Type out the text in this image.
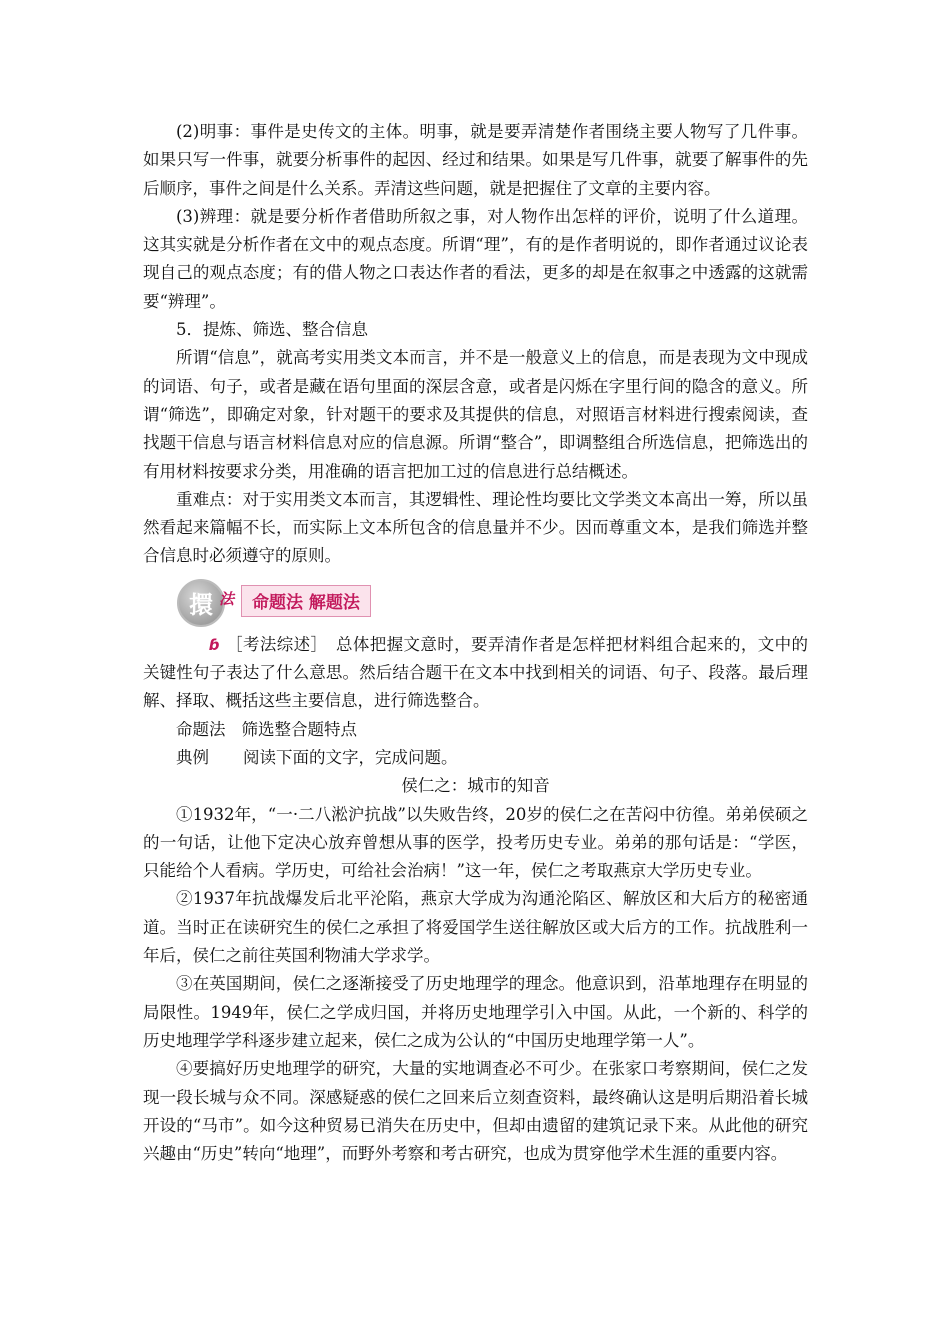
(2)明事：事件是史传文的主体。明事，就是要弄清楚作者围绕主要人物写了几件事。如果只写一件事，就要分析事件的起因、经过和结果。如果是写几件事，就要了解事件的先后顺序，事件之间是什么关系。弄清这些问题，就是把握住了文章的主要内容。

(3)辨理：就是要分析作者借助所叙之事，对人物作出怎样的评价，说明了什么道理。这其实就是分析作者在文中的观点态度。所谓“理”，有的是作者明说的，即作者通过议论表现自己的观点态度；有的借人物之口表达作者的看法，更多的却是在叙事之中透露的这就需要“辨理”。

5．提炼、筛选、整合信息

所谓“信息”，就高考实用类文本而言，并不是一般意义上的信息，而是表现为文中现成的词语、句子，或者是藏在语句里面的深层含意，或者是闪烁在字里行间的隐含的意义。所谓“筛选”，即确定对象，针对题干的要求及其提供的信息，对照语言材料进行搜索阅读，查找题干信息与语言材料信息对应的信息源。所谓“整合”，即调整组合所选信息，把筛选出的有用材料按要求分类，用准确的语言把加工过的信息进行总结概述。

重难点：对于实用类文本而言，其逻辑性、理论性均要比文学类文本高出一筹，所以虽然看起来篇幅不长，而实际上文本所包含的信息量并不少。因而尊重文本，是我们筛选并整合信息时必须遵守的原则。

擐 法 命题法 解题法

ɓ ［考法综述］　总体把握文意时，要弄清作者是怎样把材料组合起来的，文中的关键性句子表达了什么意思。然后结合题干在文本中找到相关的词语、句子、段落。最后理解、择取、概括这些主要信息，进行筛选整合。

命题法 筛选整合题特点

典例 阅读下面的文字，完成问题。

侯仁之：城市的知音

①1932年，“一·二八淞沪抗战”以失败告终，20岁的侯仁之在苦闷中彷徨。弟弟侯硕之的一句话，让他下定决心放弃曾想从事的医学，投考历史专业。弟弟的那句话是：“学医，只能给个人看病。学历史，可给社会治病！”这一年，侯仁之考取燕京大学历史专业。

②1937年抗战爆发后北平沦陷，燕京大学成为沟通沦陷区、解放区和大后方的秘密通道。当时正在读研究生的侯仁之承担了将爱国学生送往解放区或大后方的工作。抗战胜利一年后，侯仁之前往英国利物浦大学求学。

③在英国期间，侯仁之逐渐接受了历史地理学的理念。他意识到，沿革地理存在明显的局限性。1949年，侯仁之学成归国，并将历史地理学引入中国。从此，一个新的、科学的历史地理学学科逐步建立起来，侯仁之成为公认的“中国历史地理学第一人”。

④要搞好历史地理学的研究，大量的实地调查必不可少。在张家口考察期间，侯仁之发现一段长城与众不同。深感疑惑的侯仁之回来后立刻查资料，最终确认这是明后期沿着长城开设的“马市”。如今这种贸易已消失在历史中，但却由遗留的建筑记录下来。从此他的研究兴趣由“历史”转向“地理”，而野外考察和考古研究，也成为贯穿他学术生涯的重要内容。
